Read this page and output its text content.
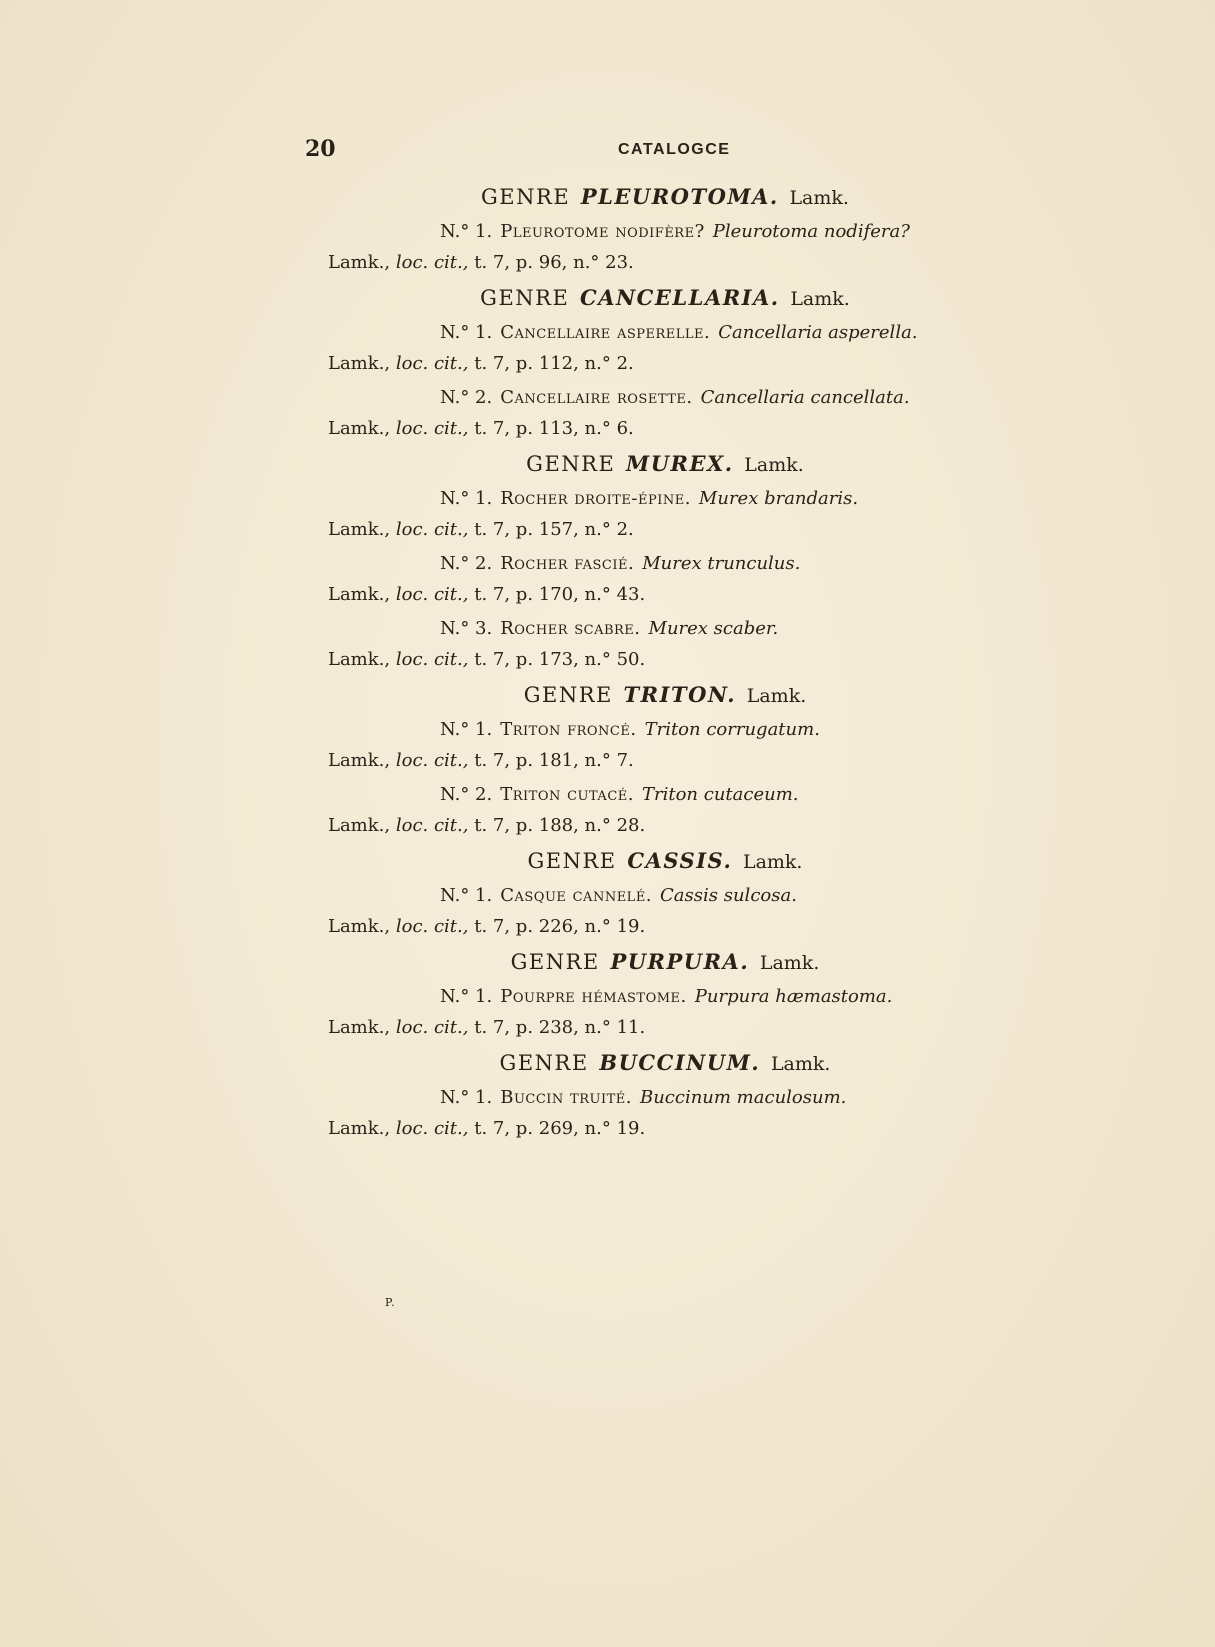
20	CATALOGCE
GENRE PLEUROTOMA. Lamk.
N.° 1. Pleurotome nodifère? Pleurotoma nodifera?
Lamk., loc. cit., t. 7, p. 96, n.° 23.
GENRE CANCELLARIA. Lamk.
N.° 1. Cancellaire asperelle. Cancellaria asperella.
Lamk., loc. cit., t. 7, p. 112, n.° 2.
N.° 2. Cancellaire rosette. Cancellaria cancellata.
Lamk., loc. cit., t. 7, p. 113, n.° 6.
GENRE MUREX. Lamk.
N.° 1. Rocher droite-épine. Murex brandaris.
Lamk., loc. cit., t. 7, p. 157, n.° 2.
N.° 2. Rocher fascié. Murex trunculus.
Lamk., loc. cit., t. 7, p. 170, n.° 43.
N.° 3. Rocher scabre. Murex scaber.
Lamk., loc. cit., t. 7, p. 173, n.° 50.
GENRE TRITON. Lamk.
N.° 1. Triton froncé. Triton corrugatum.
Lamk., loc. cit., t. 7, p. 181, n.° 7.
N.° 2. Triton cutacé. Triton cutaceum.
Lamk., loc. cit., t. 7, p. 188, n.° 28.
GENRE CASSIS. Lamk.
N.° 1. Casque cannelé. Cassis sulcosa.
Lamk., loc. cit., t. 7, p. 226, n.° 19.
GENRE PURPURA. Lamk.
N.° 1. Pourpre hémastome. Purpura hæmastoma.
Lamk., loc. cit., t. 7, p. 238, n.° 11.
GENRE BUCCINUM. Lamk.
N.° 1. Buccin truité. Buccinum maculosum.
Lamk., loc. cit., t. 7, p. 269, n.° 19.
P.
